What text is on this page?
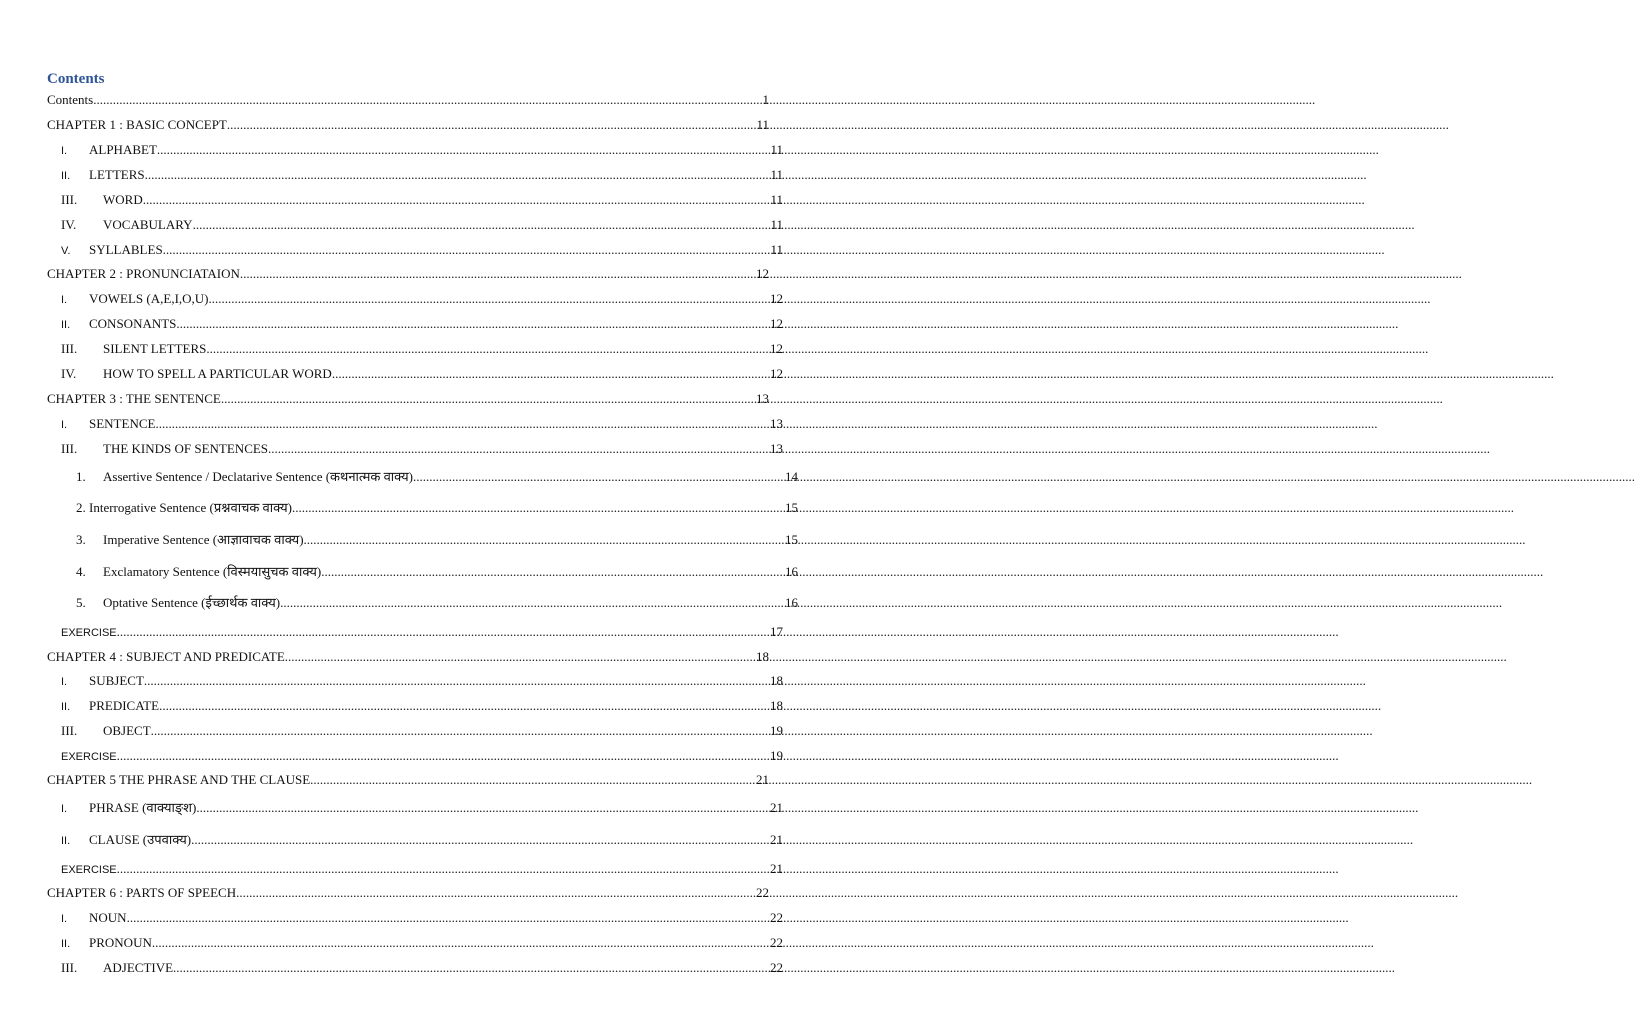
Contents
Contents .....	1
CHAPTER 1 : BASIC CONCEPT .....	11
I.	ALPHABET .....	11
II.	LETTERS .....	11
III.	WORD .....	11
IV.	VOCABULARY .....	11
V.	SYLLABLES .....	11
CHAPTER 2 : PRONUNCIATAION .....	12
I.	VOWELS (A,E,I,O,U) .....	12
II.	CONSONANTS .....	12
III.	SILENT LETTERS .....	12
IV.	HOW TO SPELL A PARTICULAR WORD .....	12
CHAPTER 3 : THE SENTENCE .....	13
I.	SENTENCE .....	13
III.	THE KINDS OF SENTENCES .....	13
1.	Assertive Sentence / Declatarive Sentence (कथनात्मक वाक्य) .....	14
2. Interrogative Sentence (प्रश्नवाचक वाक्य) .....	15
3.	Imperative Sentence (आज्ञावाचक वाक्य) .....	15
4.	Exclamatory Sentence (विस्मयासुचक वाक्य) .....	16
5.	Optative Sentence (ईच्छार्थक वाक्य) .....	16
EXERCISE .....	17
CHAPTER 4 : SUBJECT AND PREDICATE .....	18
I.	SUBJECT .....	18
II.	PREDICATE .....	18
III.	OBJECT .....	19
EXERCISE .....	19
CHAPTER 5 THE PHRASE AND THE CLAUSE .....	21
I.	PHRASE (वाक्याङ्श) .....	21
II.	CLAUSE (उपवाक्य) .....	21
EXERCISE .....	21
CHAPTER 6 : PARTS OF SPEECH .....	22
I.	NOUN .....	22
II.	PRONOUN .....	22
III.	ADJECTIVE .....	22
